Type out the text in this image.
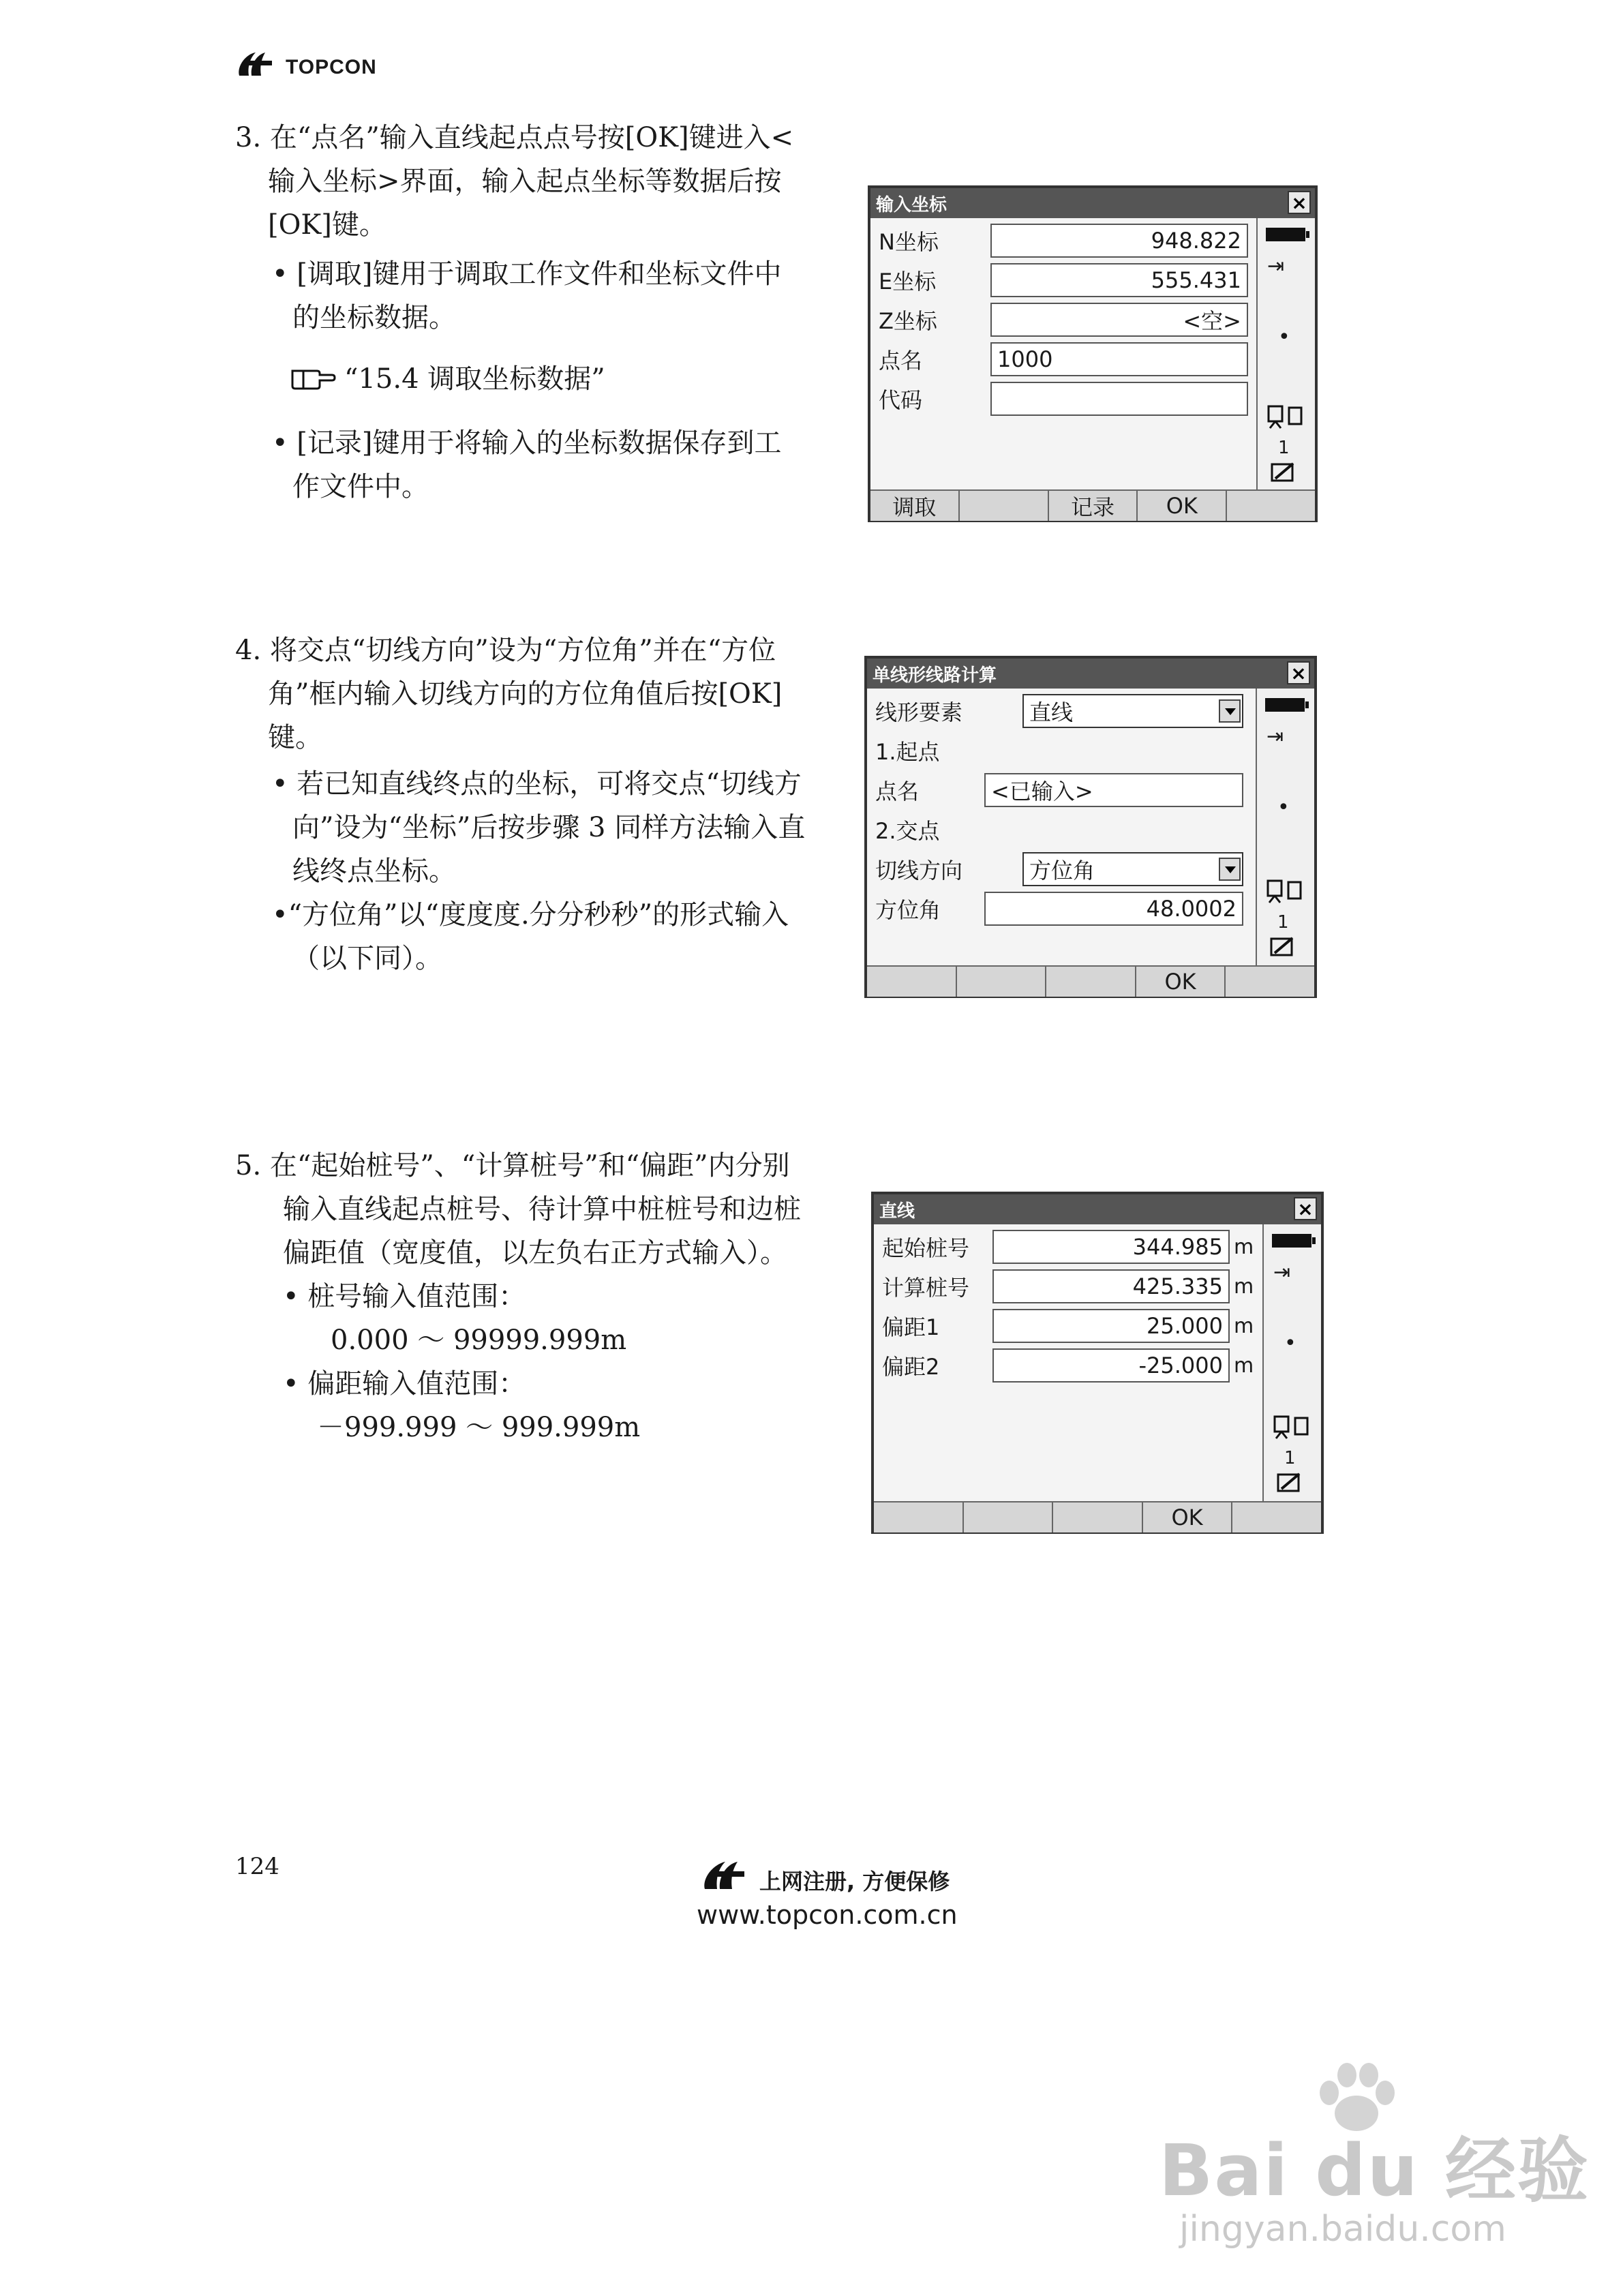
TOPCON

3. 在“点名”输入直线起点点号按[OK]键进入<输入坐标>界面，输入起点坐标等数据后按[OK]键。

• [调取]键用于调取工作文件和坐标文件中的坐标数据。

“15.4 调取坐标数据”

• [记录]键用于将输入的坐标数据保存到工作文件中。

输入坐标	×
N坐标	948.822
E坐标	555.431
Z坐标	<空>
点名	1000
代码
⇥
•
1
调取	记录	OK

4. 将交点“切线方向”设为“方位角”并在“方位角”框内输入切线方向的方位角值后按[OK]键。

• 若已知直线终点的坐标，可将交点“切线方向”设为“坐标”后按步骤 3 同样方法输入直线终点坐标。

•“方位角”以“度度度.分分秒秒”的形式输入（以下同）。

单线形线路计算	×
线形要素	直线
1.起点
点名	<已输入>
2.交点
切线方向	方位角
方位角	48.0002
⇥
•
1
OK

5. 在“起始桩号”、“计算桩号”和“偏距”内分别输入直线起点桩号、待计算中桩桩号和边桩偏距值（宽度值，以左负右正方式输入）。

• 桩号输入值范围：
0.000 ～ 99999.999m
• 偏距输入值范围：
－999.999 ～ 999.999m
直线	×
起始桩号	344.985 m
计算桩号	425.335 m
偏距1	25.000 m
偏距2	-25.000 m
⇥
•
1
OK
124
上网注册, 方便保修
www.topcon.com.cn
Bai du 经验
jingyan.baidu.com
